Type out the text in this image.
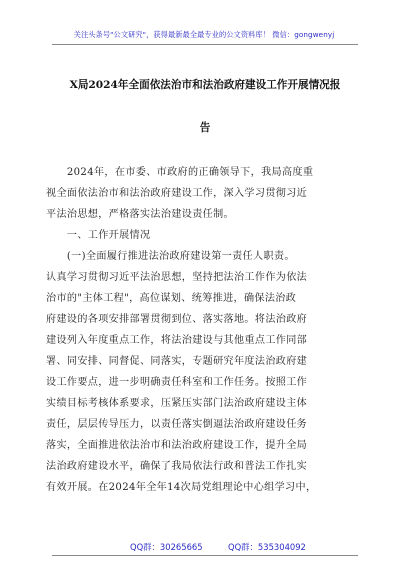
关注头条号"公文研究"，获得最新最全最专业的公文资料库！ 微信：gongwenyj
X局2024年全面依法治市和法治政府建设工作开展情况报
告
　　2024年，在市委、市政府的正确领导下，我局高度重
视全面依法治市和法治政府建设工作，深入学习贯彻习近
平法治思想，严格落实法治建设责任制。
　　一、工作开展情况
　　(一)全面履行推进法治政府建设第一责任人职责。
认真学习贯彻习近平法治思想，坚持把法治工作作为依法
治市的"主体工程"，高位谋划、统筹推进，确保法治政
府建设的各项安排部署贯彻到位、落实落地。将法治政府
建设列入年度重点工作，将法治建设与其他重点工作同部
署、同安排、同督促、同落实，专题研究年度法治政府建
设工作要点，进一步明确责任科室和工作任务。按照工作
实绩目标考核体系要求，压紧压实部门法治政府建设主体
责任，层层传导压力，以责任落实倒逼法治政府建设任务
落实，全面推进依法治市和法治政府建设工作，提升全局
法治政府建设水平，确保了我局依法行政和普法工作扎实
有效开展。在2024年全年14次局党组理论中心组学习中，
QQ群：30265665	QQ群：535304092
